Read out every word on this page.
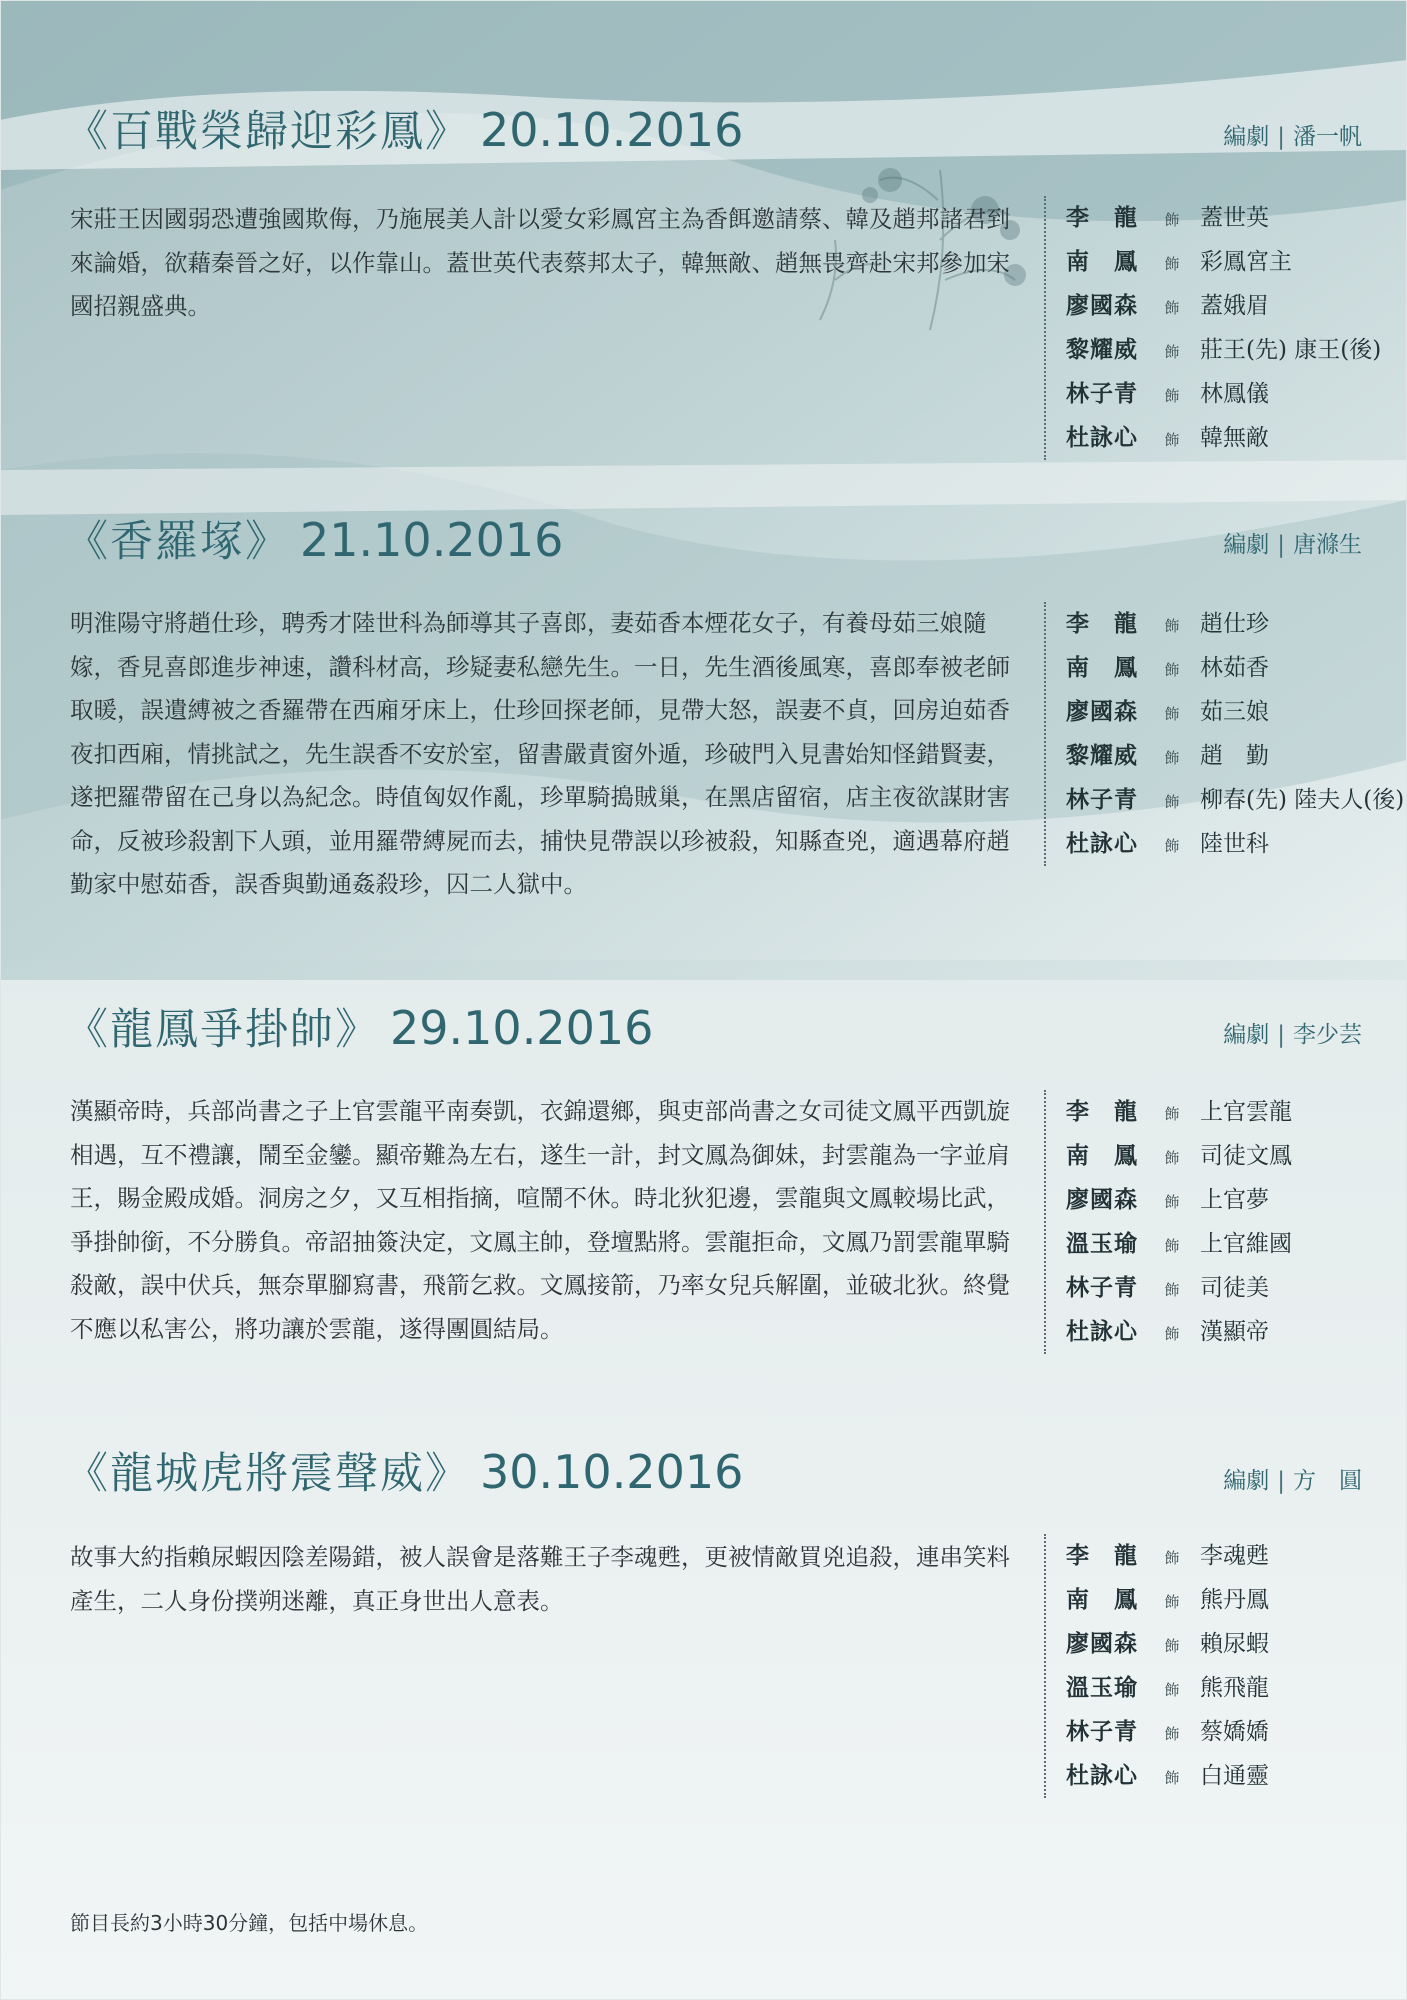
《百戰榮歸迎彩鳳》 20.10.2016	編劇 | 潘一帆
宋莊王因國弱恐遭強國欺侮，乃施展美人計以愛女彩鳳宮主為香餌邀請蔡、韓及趙邦諸君到來論婚，欲藉秦晉之好，以作靠山。蓋世英代表蔡邦太子，韓無敵、趙無畏齊赴宋邦參加宋國招親盛典。
李　龍 飾 蓋世英
南　鳳 飾 彩鳳宮主
廖國森 飾 蓋娥眉
黎耀威 飾 莊王(先) 康王(後)
林子青 飾 林鳳儀
杜詠心 飾 韓無敵
《香羅塚》 21.10.2016	編劇 | 唐滌生
明淮陽守將趙仕珍，聘秀才陸世科為師導其子喜郎，妻茹香本煙花女子，有養母茹三娘隨嫁，香見喜郎進步神速，讚科材高，珍疑妻私戀先生。一日，先生酒後風寒，喜郎奉被老師取暖，誤遺縛被之香羅帶在西廂牙床上，仕珍回探老師，見帶大怒，誤妻不貞，回房迫茹香夜扣西廂，情挑試之，先生誤香不安於室，留書嚴責窗外遁，珍破門入見書始知怪錯賢妻，遂把羅帶留在己身以為紀念。時值匈奴作亂，珍單騎搗賊巢，在黑店留宿，店主夜欲謀財害命，反被珍殺割下人頭，並用羅帶縛屍而去，捕快見帶誤以珍被殺，知縣查兇，適遇幕府趙勤家中慰茹香，誤香與勤通姦殺珍，囚二人獄中。
李　龍 飾 趙仕珍
南　鳳 飾 林茹香
廖國森 飾 茹三娘
黎耀威 飾 趙　勤
林子青 飾 柳春(先) 陸夫人(後)
杜詠心 飾 陸世科
《龍鳳爭掛帥》 29.10.2016	編劇 | 李少芸
漢顯帝時，兵部尚書之子上官雲龍平南奏凱，衣錦還鄉，與吏部尚書之女司徒文鳳平西凱旋相遇，互不禮讓，鬧至金鑾。顯帝難為左右，遂生一計，封文鳳為御妹，封雲龍為一字並肩王，賜金殿成婚。洞房之夕，又互相指摘，喧鬧不休。時北狄犯邊，雲龍與文鳳較場比武，爭掛帥銜，不分勝負。帝詔抽簽決定，文鳳主帥，登壇點將。雲龍拒命，文鳳乃罰雲龍單騎殺敵，誤中伏兵，無奈單腳寫書，飛箭乞救。文鳳接箭，乃率女兒兵解圍，並破北狄。終覺不應以私害公，將功讓於雲龍，遂得團圓結局。
李　龍 飾 上官雲龍
南　鳳 飾 司徒文鳳
廖國森 飾 上官夢
溫玉瑜 飾 上官維國
林子青 飾 司徒美
杜詠心 飾 漢顯帝
《龍城虎將震聲威》 30.10.2016	編劇 | 方　圓
故事大約指賴尿蝦因陰差陽錯，被人誤會是落難王子李魂甦，更被情敵買兇追殺，連串笑料產生，二人身份撲朔迷離，真正身世出人意表。
李　龍 飾 李魂甦
南　鳳 飾 熊丹鳳
廖國森 飾 賴尿蝦
溫玉瑜 飾 熊飛龍
林子青 飾 蔡嬌嬌
杜詠心 飾 白通靈
節目長約3小時30分鐘，包括中場休息。
